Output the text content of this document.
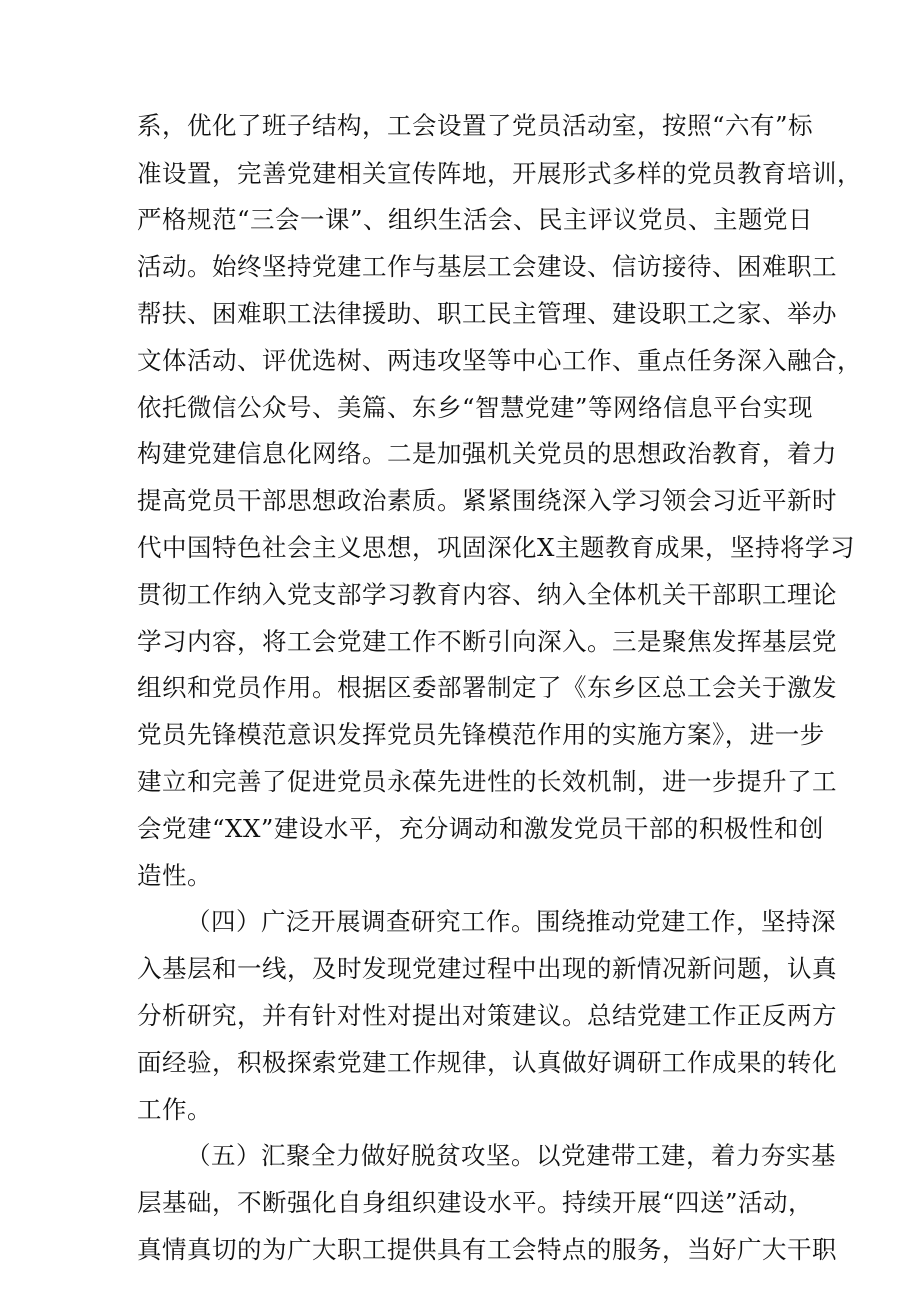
系，优化了班子结构，工会设置了党员活动室，按照“六有”标
准设置，完善党建相关宣传阵地，开展形式多样的党员教育培训，
严格规范“三会一课”、组织生活会、民主评议党员、主题党日
活动。始终坚持党建工作与基层工会建设、信访接待、困难职工
帮扶、困难职工法律援助、职工民主管理、建设职工之家、举办
文体活动、评优选树、两违攻坚等中心工作、重点任务深入融合，
依托微信公众号、美篇、东乡“智慧党建”等网络信息平台实现
构建党建信息化网络。二是加强机关党员的思想政治教育，着力
提高党员干部思想政治素质。紧紧围绕深入学习领会习近平新时
代中国特色社会主义思想，巩固深化X主题教育成果，坚持将学习
贯彻工作纳入党支部学习教育内容、纳入全体机关干部职工理论
学习内容，将工会党建工作不断引向深入。三是聚焦发挥基层党
组织和党员作用。根据区委部署制定了《东乡区总工会关于激发
党员先锋模范意识发挥党员先锋模范作用的实施方案》，进一步
建立和完善了促进党员永葆先进性的长效机制，进一步提升了工
会党建“XX”建设水平，充分调动和激发党员干部的积极性和创
造性。
（四）广泛开展调查研究工作。围绕推动党建工作，坚持深
入基层和一线，及时发现党建过程中出现的新情况新问题，认真
分析研究，并有针对性对提出对策建议。总结党建工作正反两方
面经验，积极探索党建工作规律，认真做好调研工作成果的转化
工作。
（五）汇聚全力做好脱贫攻坚。以党建带工建，着力夯实基
层基础，不断强化自身组织建设水平。持续开展“四送”活动，
真情真切的为广大职工提供具有工会特点的服务，当好广大干职
